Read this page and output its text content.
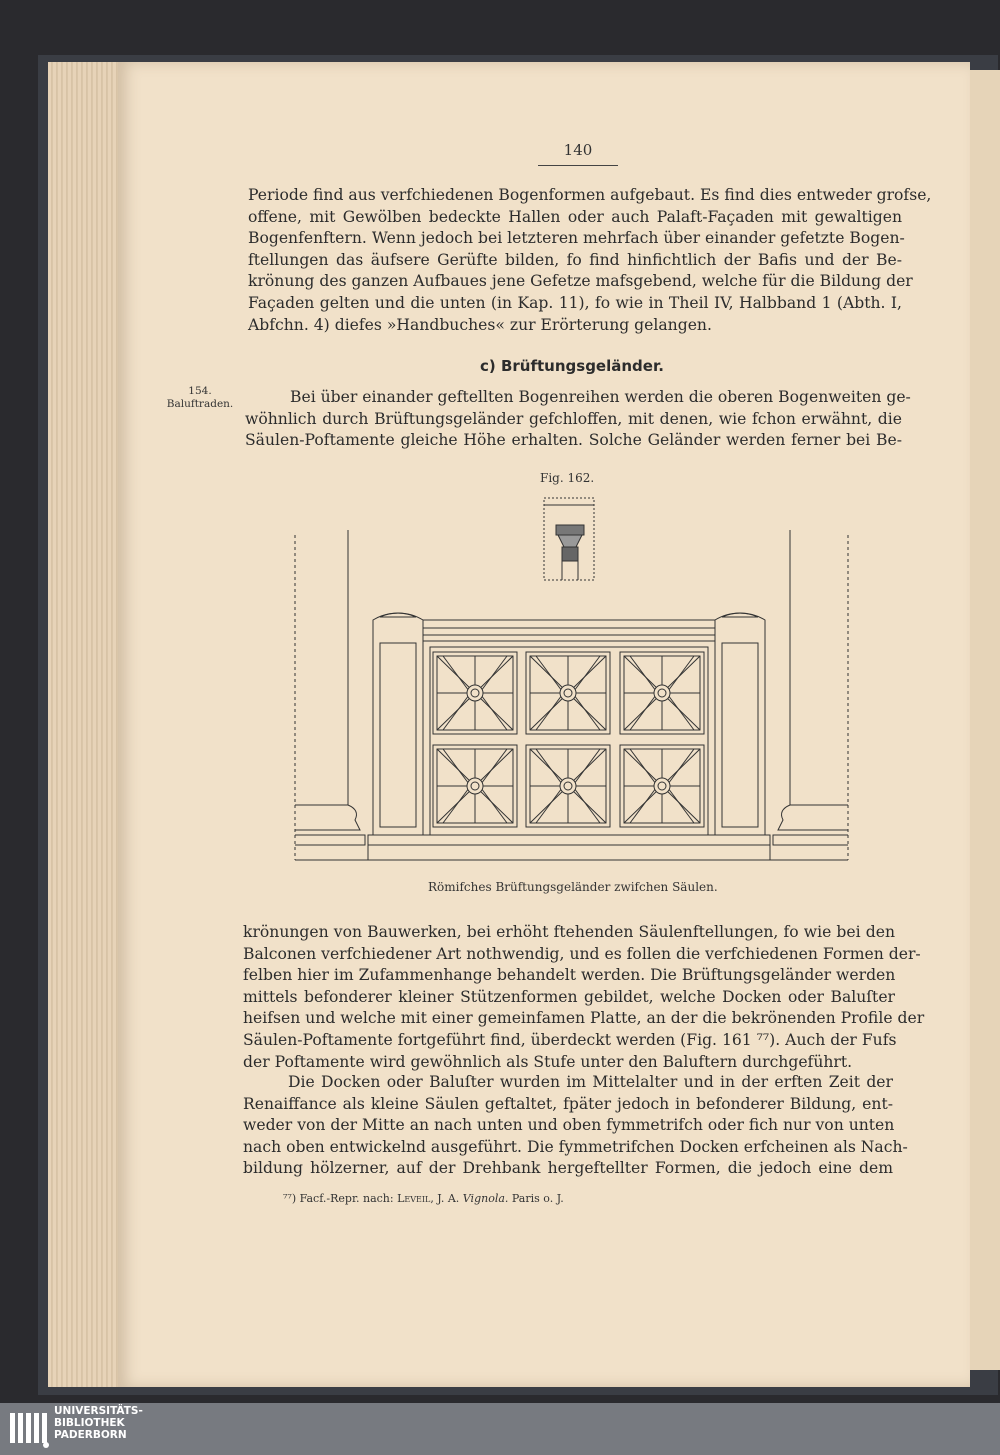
140
Periode find aus verfchiedenen Bogenformen aufgebaut. Es find dies entweder grofse,
offene, mit Gewölben bedeckte Hallen oder auch Palaft-Façaden mit gewaltigen
Bogenfenftern. Wenn jedoch bei letzteren mehrfach über einander gefetzte Bogen-
ftellungen das äufsere Gerüfte bilden, fo find hinfichtlich der Bafis und der Be-
krönung des ganzen Aufbaues jene Gefetze mafsgebend, welche für die Bildung der
Façaden gelten und die unten (in Kap. 11), fo wie in Theil IV, Halbband 1 (Abth. I,
Abfchn. 4) diefes »Handbuches« zur Erörterung gelangen.
c) Brüftungsgeländer.
154.
Baluftraden.	Bei über einander geftellten Bogenreihen werden die oberen Bogenweiten ge-
wöhnlich durch Brüftungsgeländer gefchloffen, mit denen, wie fchon erwähnt, die
Säulen-Poftamente gleiche Höhe erhalten. Solche Geländer werden ferner bei Be-
Fig. 162.
Römifches Brüftungsgeländer zwifchen Säulen.
krönungen von Bauwerken, bei erhöht ftehenden Säulenftellungen, fo wie bei den
Balconen verfchiedener Art nothwendig, und es follen die verfchiedenen Formen der-
felben hier im Zufammenhange behandelt werden. Die Brüftungsgeländer werden
mittels befonderer kleiner Stützenformen gebildet, welche Docken oder Baluſter
heifsen und welche mit einer gemeinfamen Platte, an der die bekrönenden Profile der
Säulen-Poftamente fortgeführt find, überdeckt werden (Fig. 161 ⁷⁷). Auch der Fufs
der Poftamente wird gewöhnlich als Stufe unter den Baluftern durchgeführt.
Die Docken oder Baluſter wurden im Mittelalter und in der erften Zeit der
Renaiffance als kleine Säulen geftaltet, fpäter jedoch in befonderer Bildung, ent-
weder von der Mitte an nach unten und oben fymmetrifch oder fich nur von unten
nach oben entwickelnd ausgeführt. Die fymmetrifchen Docken erfcheinen als Nach-
bildung hölzerner, auf der Drehbank hergeftellter Formen, die jedoch eine dem
⁷⁷) Facf.-Repr. nach: Leveil, J. A. Vignola. Paris o. J.
UNIVERSITÄTS-
BIBLIOTHEK
PADERBORN
